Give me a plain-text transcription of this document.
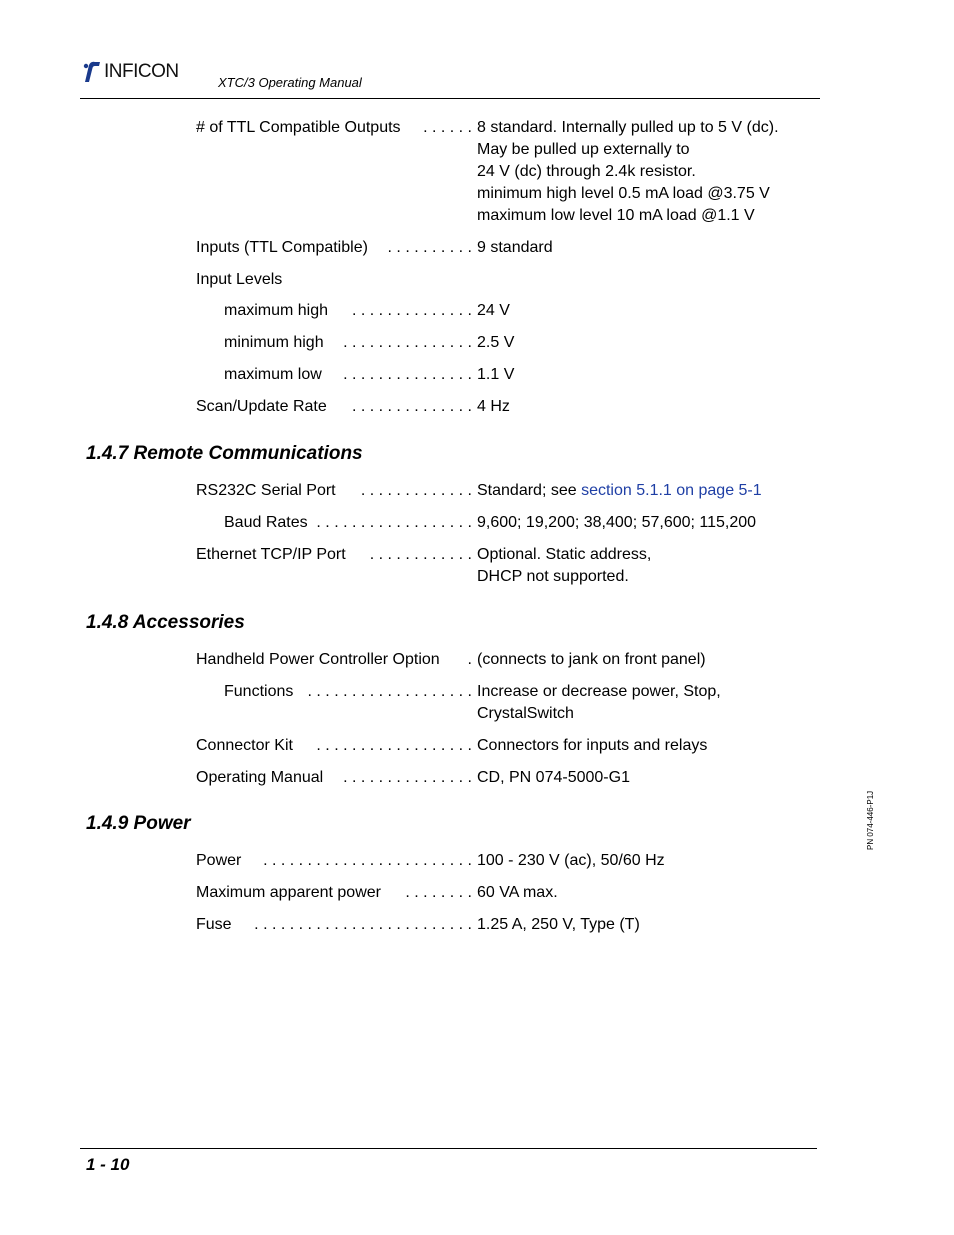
INFICON
XTC/3 Operating Manual
# of TTL Compatible Outputs	. . . . . . 8 standard. Internally pulled up to 5 V (dc).
May be pulled up externally to
24 V (dc) through 2.4k resistor.
minimum high level 0.5 mA load @3.75 V
maximum low level 10 mA load @1.1 V
Inputs (TTL Compatible) . . . . . . . . . . 9 standard
Input Levels
maximum high	. . . . . . . . . . . . . . 24 V
minimum high	. . . . . . . . . . . . . . . 2.5 V
maximum low	. . . . . . . . . . . . . . . 1.1 V
Scan/Update Rate	. . . . . . . . . . . . . . 4 Hz
1.4.7 Remote Communications
RS232C Serial Port	. . . . . . . . . . . . . Standard; see section 5.1.1 on page 5-1
Baud Rates . . . . . . . . . . . . . . . . . . 9,600; 19,200; 38,400; 57,600; 115,200
Ethernet TCP/IP Port	. . . . . . . . . . . . Optional. Static address,
DHCP not supported.
1.4.8 Accessories
Handheld Power Controller Option	. (connects to jank on front panel)
Functions . . . . . . . . . . . . . . . . . . . Increase or decrease power, Stop,
CrystalSwitch
Connector Kit	. . . . . . . . . . . . . . . . . . Connectors for inputs and relays
Operating Manual	. . . . . . . . . . . . . . . CD, PN 074-5000-G1
1.4.9 Power
Power	. . . . . . . . . . . . . . . . . . . . . . . . 100 - 230 V (ac), 50/60 Hz
Maximum apparent power	. . . . . . . . 60 VA max.
Fuse	. . . . . . . . . . . . . . . . . . . . . . . . . 1.25 A, 250 V, Type (T)
PN 074-446-P1J
1 - 10
